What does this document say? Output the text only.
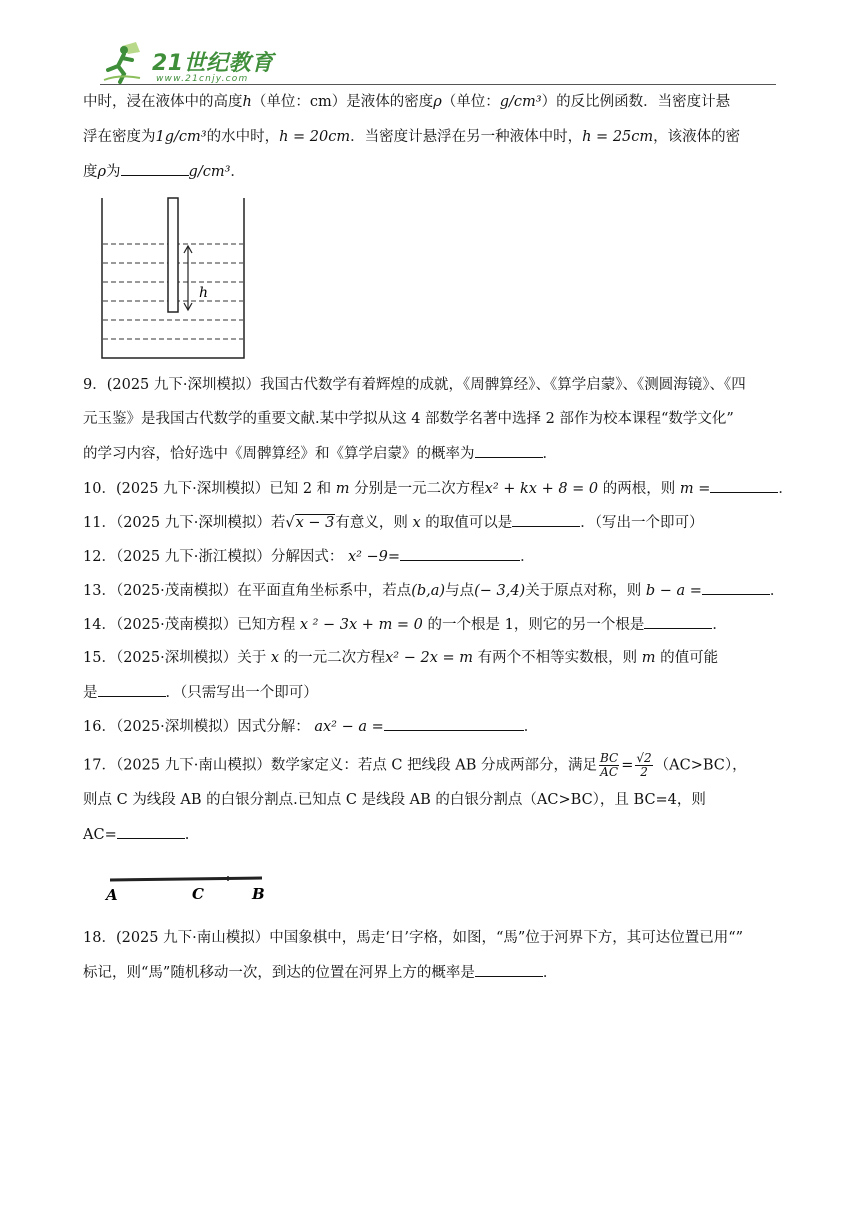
21世纪教育
www.21cnjy.com
中时，浸在液体中的高度h（单位：cm）是液体的密度ρ（单位：g/cm³）的反比例函数．当密度计悬
浮在密度为1g/cm³的水中时，h = 20cm．当密度计悬浮在另一种液体中时，h = 25cm，该液体的密
度ρ为	g/cm³．
h
9．(2025 九下·深圳模拟）我国古代数学有着辉煌的成就，《周髀算经》、《算学启蒙》、《测圆海镜》、《四
元玉鉴》是我国古代数学的重要文献.某中学拟从这 4 部数学名著中选择 2 部作为校本课程“数学文化”
的学习内容，恰好选中《周髀算经》和《算学启蒙》的概率为	．
10．(2025 九下·深圳模拟）已知 2 和 m 分别是一元二次方程x² + kx + 8 = 0 的两根，则 m =	．
11．（2025 九下·深圳模拟）若√x − 3有意义，则 x 的取值可以是	．（写出一个即可）
12．（2025 九下·浙江模拟）分解因式： x² −9=	．
13．（2025·茂南模拟）在平面直角坐标系中，若点(b,a)与点(− 3,4)关于原点对称，则 b − a =	．
14．（2025·茂南模拟）已知方程 x ² − 3x + m = 0 的一个根是 1，则它的另一个根是	．
15．（2025·深圳模拟）关于 x 的一元二次方程x² − 2x = m 有两个不相等实数根，则 m 的值可能
是	．（只需写出一个即可）
16．（2025·深圳模拟）因式分解： ax² − a =	．
17．（2025 九下·南山模拟）数学家定义：若点 C 把线段 AB 分成两部分，满足 $\frac{BC}{AC} = \frac{√2}{2} (AC>BC)$，
则点 C 为线段 AB 的白银分割点.已知点 C 是线段 AB 的白银分割点（AC>BC），且 BC=4，则
AC=	.
A	C	B
18．(2025 九下·南山模拟）中国象棋中，馬走‘日’字格，如图，“馬”位于河界下方，其可达位置已用“”
标记，则“馬”随机移动一次，到达的位置在河界上方的概率是	．
